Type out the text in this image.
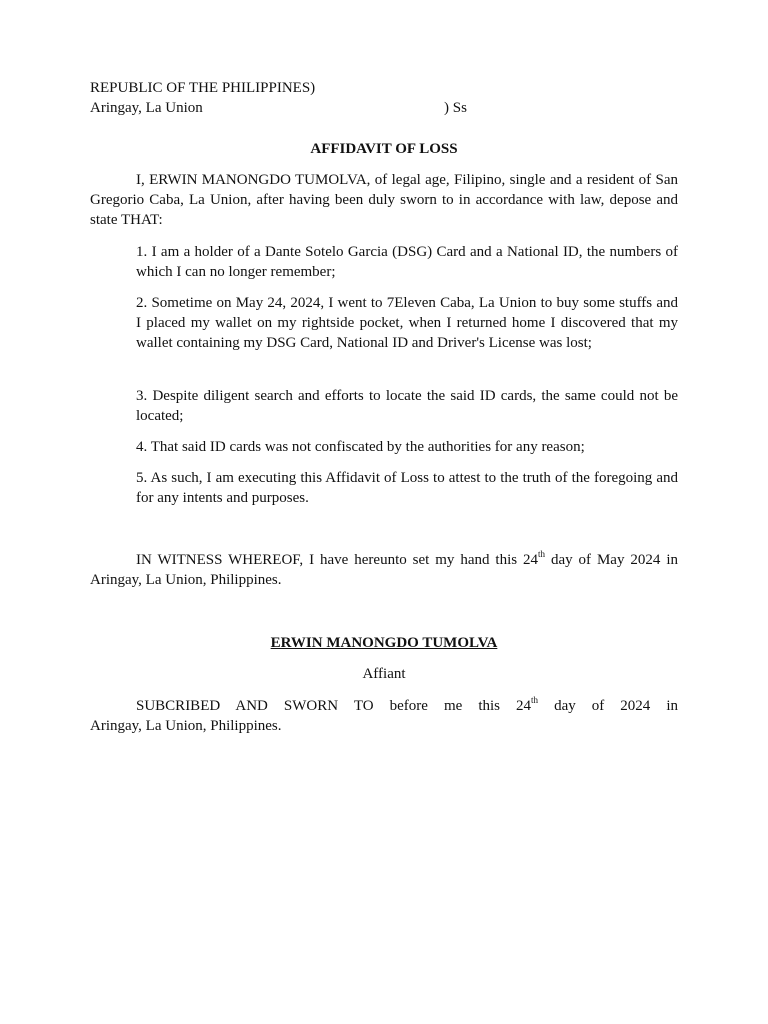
REPUBLIC OF THE PHILIPPINES)

Aringay, La Union	) Ss

AFFIDAVIT OF LOSS

I, ERWIN MANONGDO TUMOLVA, of legal age, Filipino, single and a resident of San Gregorio Caba, La Union, after having been duly sworn to in accordance with law, depose and state THAT:

1. I am a holder of a Dante Sotelo Garcia (DSG) Card and a National ID, the numbers of which I can no longer remember;

2. Sometime on May 24, 2024, I went to 7Eleven Caba, La Union to buy some stuffs and I placed my wallet on my rightside pocket, when I returned home I discovered that my wallet containing my DSG Card, National ID and Driver's License was lost;

3. Despite diligent search and efforts to locate the said ID cards, the same could not be located;

4. That said ID cards was not confiscated by the authorities for any reason;

5. As such, I am executing this Affidavit of Loss to attest to the truth of the foregoing and for any intents and purposes.

IN WITNESS WHEREOF, I have hereunto set my hand this 24th day of May 2024 in Aringay, La Union, Philippines.

ERWIN MANONGDO TUMOLVA

Affiant

SUBCRIBED AND SWORN TO before me this 24th day of 2024 in

Aringay, La Union, Philippines.
